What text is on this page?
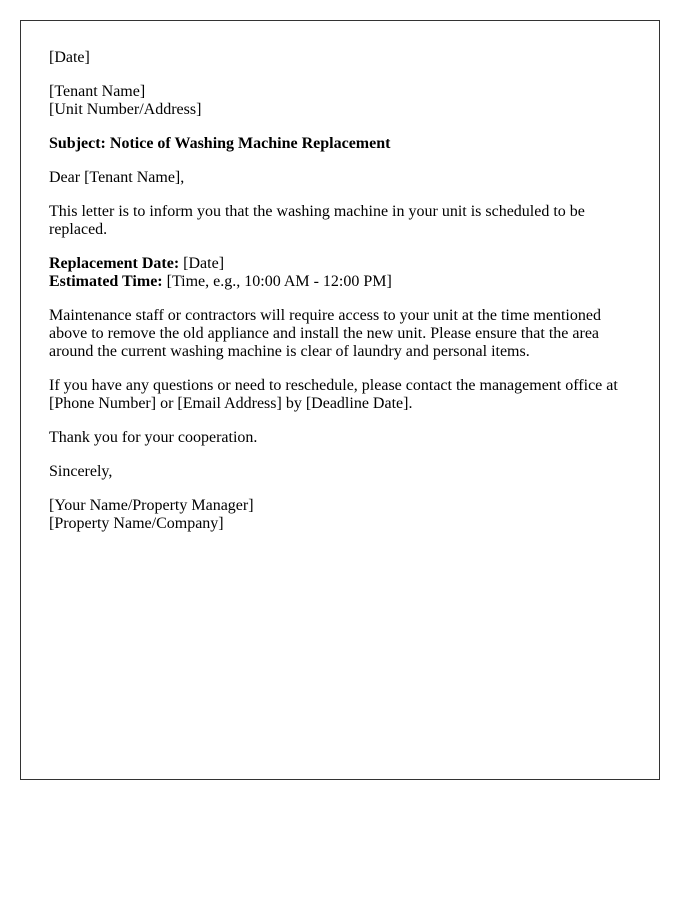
[Date]

[Tenant Name]
[Unit Number/Address]

Subject: Notice of Washing Machine Replacement

Dear [Tenant Name],

This letter is to inform you that the washing machine in your unit is scheduled to be replaced.

Replacement Date: [Date]
Estimated Time: [Time, e.g., 10:00 AM - 12:00 PM]

Maintenance staff or contractors will require access to your unit at the time mentioned above to remove the old appliance and install the new unit. Please ensure that the area around the current washing machine is clear of laundry and personal items.

If you have any questions or need to reschedule, please contact the management office at [Phone Number] or [Email Address] by [Deadline Date].

Thank you for your cooperation.

Sincerely,

[Your Name/Property Manager]
[Property Name/Company]
